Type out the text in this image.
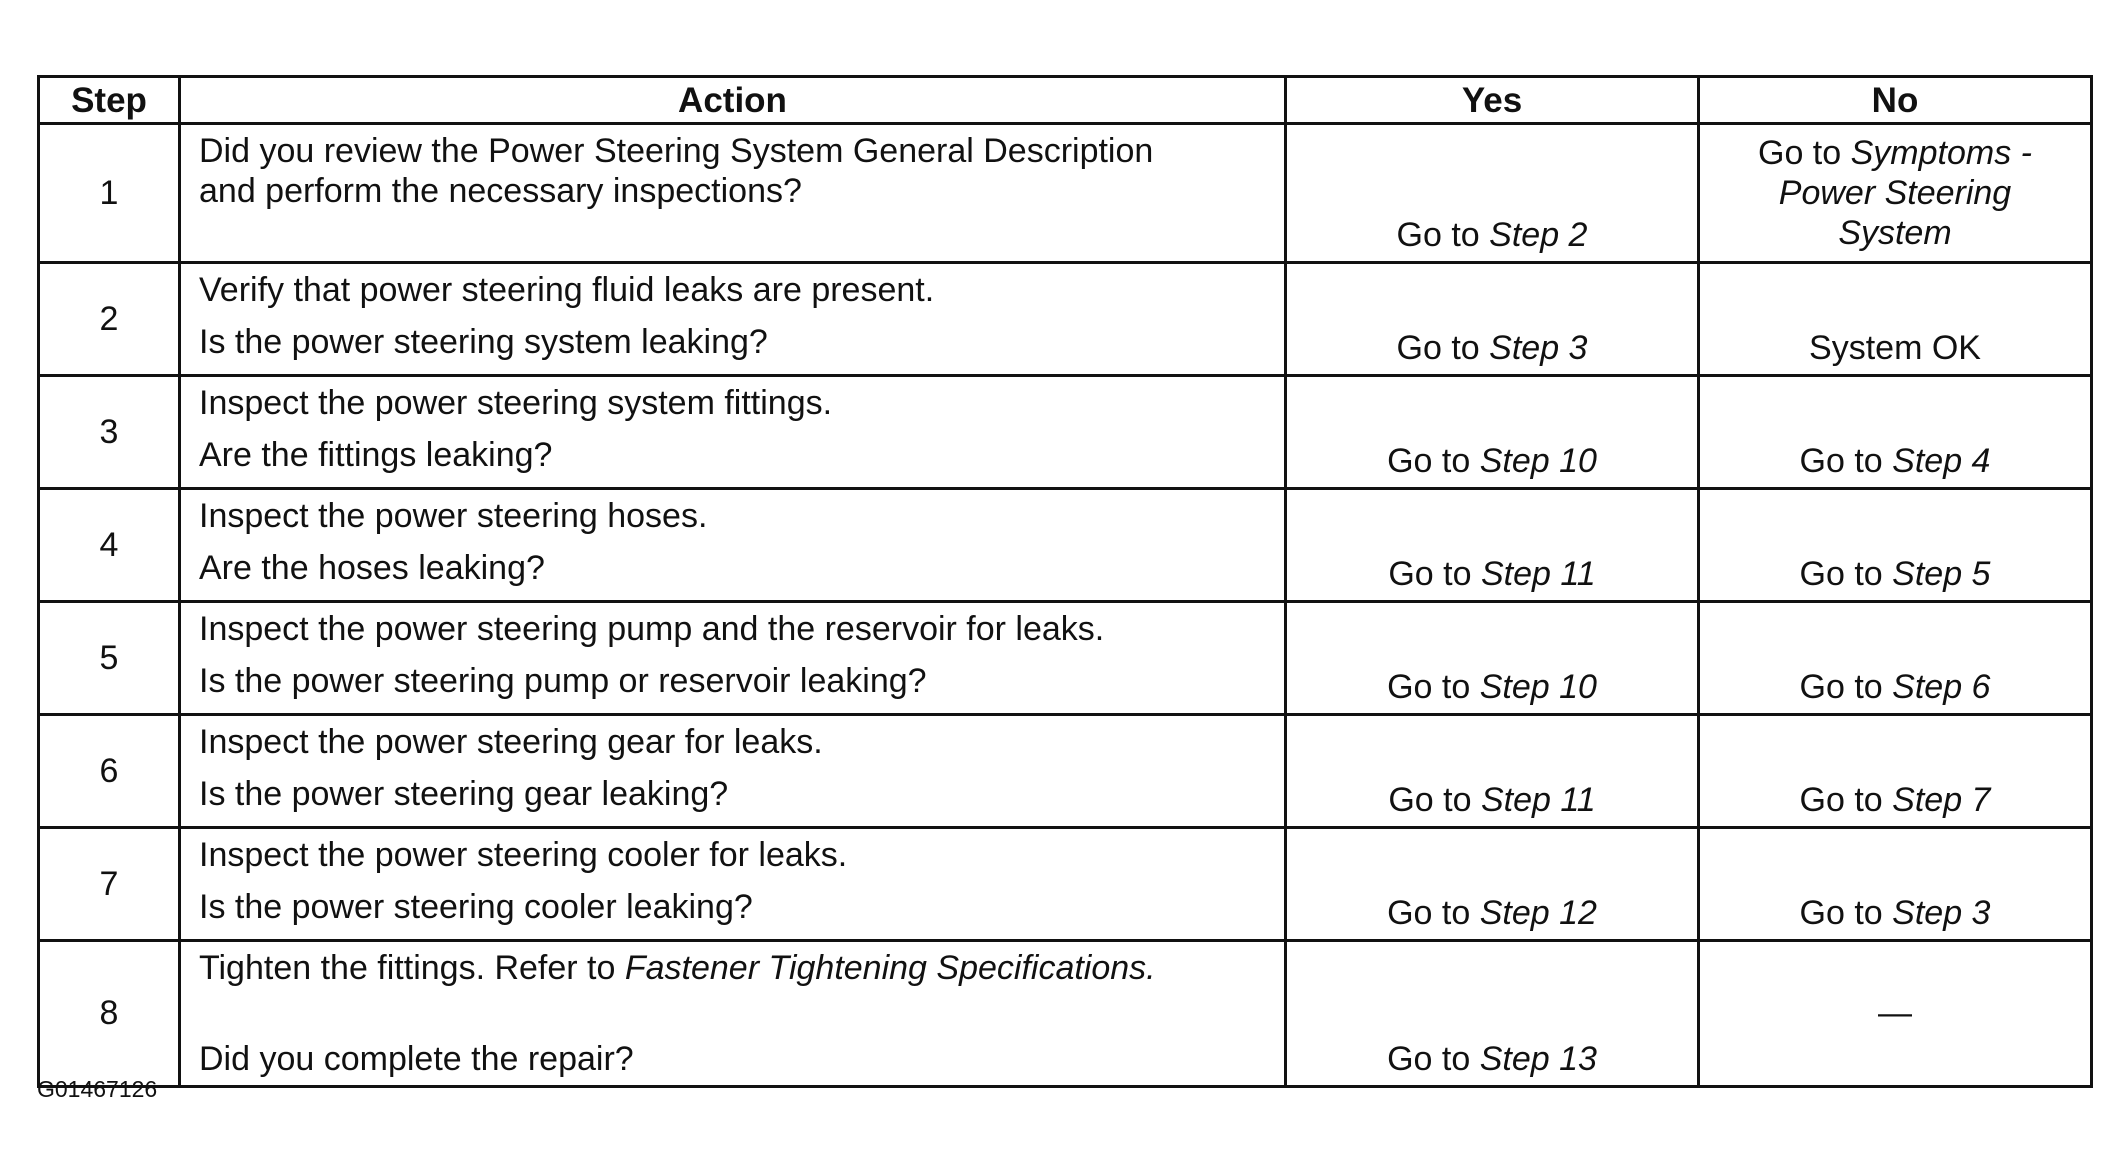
Step	Action	Yes	No
1	Did you review the Power Steering System General Description
and perform the necessary inspections?	Go to Step 2	Go to Symptoms -
Power Steering
System

2	Verify that power steering fluid leaks are present.
Is the power steering system leaking?	Go to Step 3	System OK
3	Inspect the power steering system fittings.
Are the fittings leaking?	Go to Step 10	Go to Step 4
4	Inspect the power steering hoses.
Are the hoses leaking?	Go to Step 11	Go to Step 5
5	Inspect the power steering pump and the reservoir for leaks.
Is the power steering pump or reservoir leaking?	Go to Step 10	Go to Step 6
6	Inspect the power steering gear for leaks.
Is the power steering gear leaking?	Go to Step 11	Go to Step 7
7	Inspect the power steering cooler for leaks.
Is the power steering cooler leaking?	Go to Step 12	Go to Step 3
8	Tighten the fittings. Refer to Fastener Tightening Specifications.
Did you complete the repair?	Go to Step 13	—
G01467126
